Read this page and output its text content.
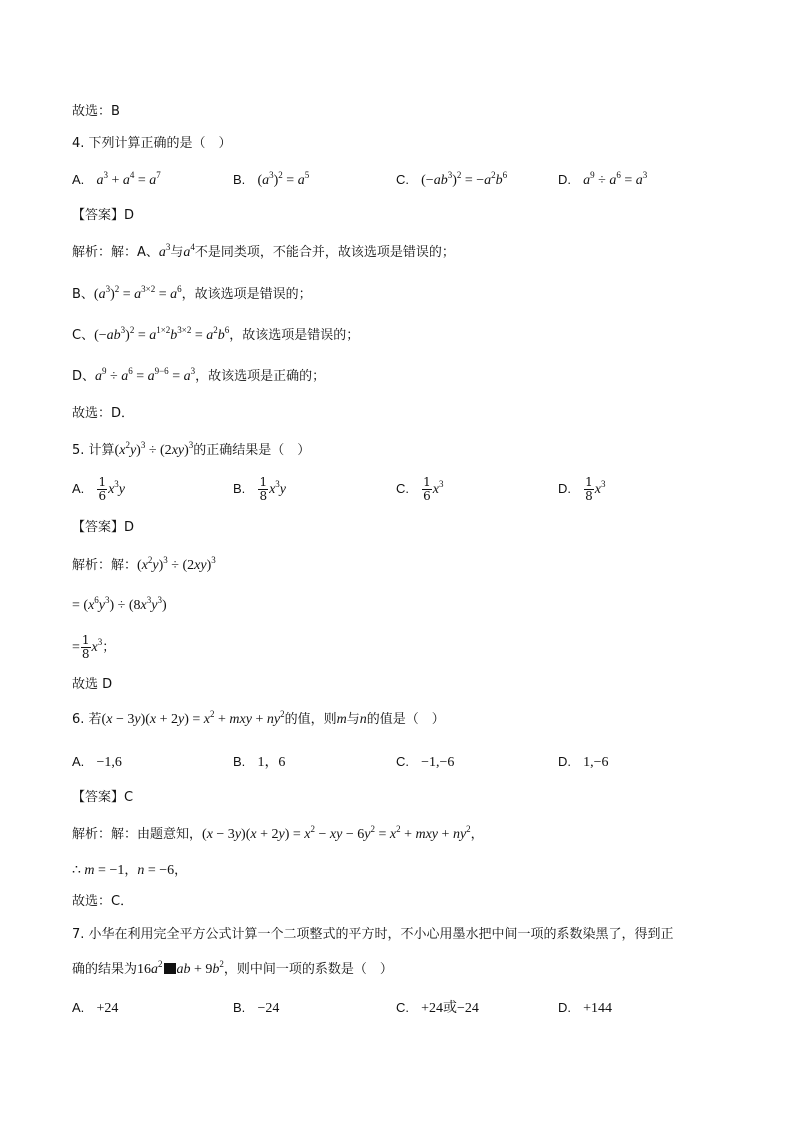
故选：B
4. 下列计算正确的是（　）
A. $a^3 + a^4 = a^7$	B. $(a^3)^2 = a^5$	C. $(-ab^3)^2 = -a^2b^6$	D. $a^9 \div a^6 = a^3$
【答案】D
解析：解：A、$a^3$与$a^4$不是同类项，不能合并，故该选项是错误的；
B、$(a^3)^2 = a^{3\times 2} = a^6$，故该选项是错误的；
C、$(-ab^3)^2 = a^{1\times 2}b^{3\times 2} = a^2b^6$，故该选项是错误的；
D、$a^9 \div a^6 = a^{9-6} = a^3$，故该选项是正确的；
故选：D．
5. 计算$(x^2y)^3 \div (2xy)^3$的正确结果是（　）
A. $\frac{1}{6} x^3y$	B. $\frac{1}{8} x^3y$	C. $\frac{1}{6} x^3$	D. $\frac{1}{8} x^3$
【答案】D
解析：解：$(x^2y)^3 \div (2xy)^3$
= $(x^6y^3) \div (8x^3y^3)$
= $\frac{1}{8} x^3$；
故选 D
6. 若$(x - 3y)(x + 2y) = x^2$ + mxy + $ny^2$的值，则m与n的值是（　）
A. −1,6	B. 1，6	C. −1,−6	D. 1,−6
【答案】C
解析：解：由题意知，$(x - 3y)(x + 2y) = x^2$ − xy − $6y^2 = x^2$ + mxy + $ny^2$，
∴ m = −1，n = −6，
故选：C．
7. 小华在利用完全平方公式计算一个二项整式的平方时，不小心用墨水把中间一项的系数染黑了，得到正
确的结果为$16a^2$ ab + $9b^2$，则中间一项的系数是（　）
A. +24	B. −24	C. +24或−24	D. +144
